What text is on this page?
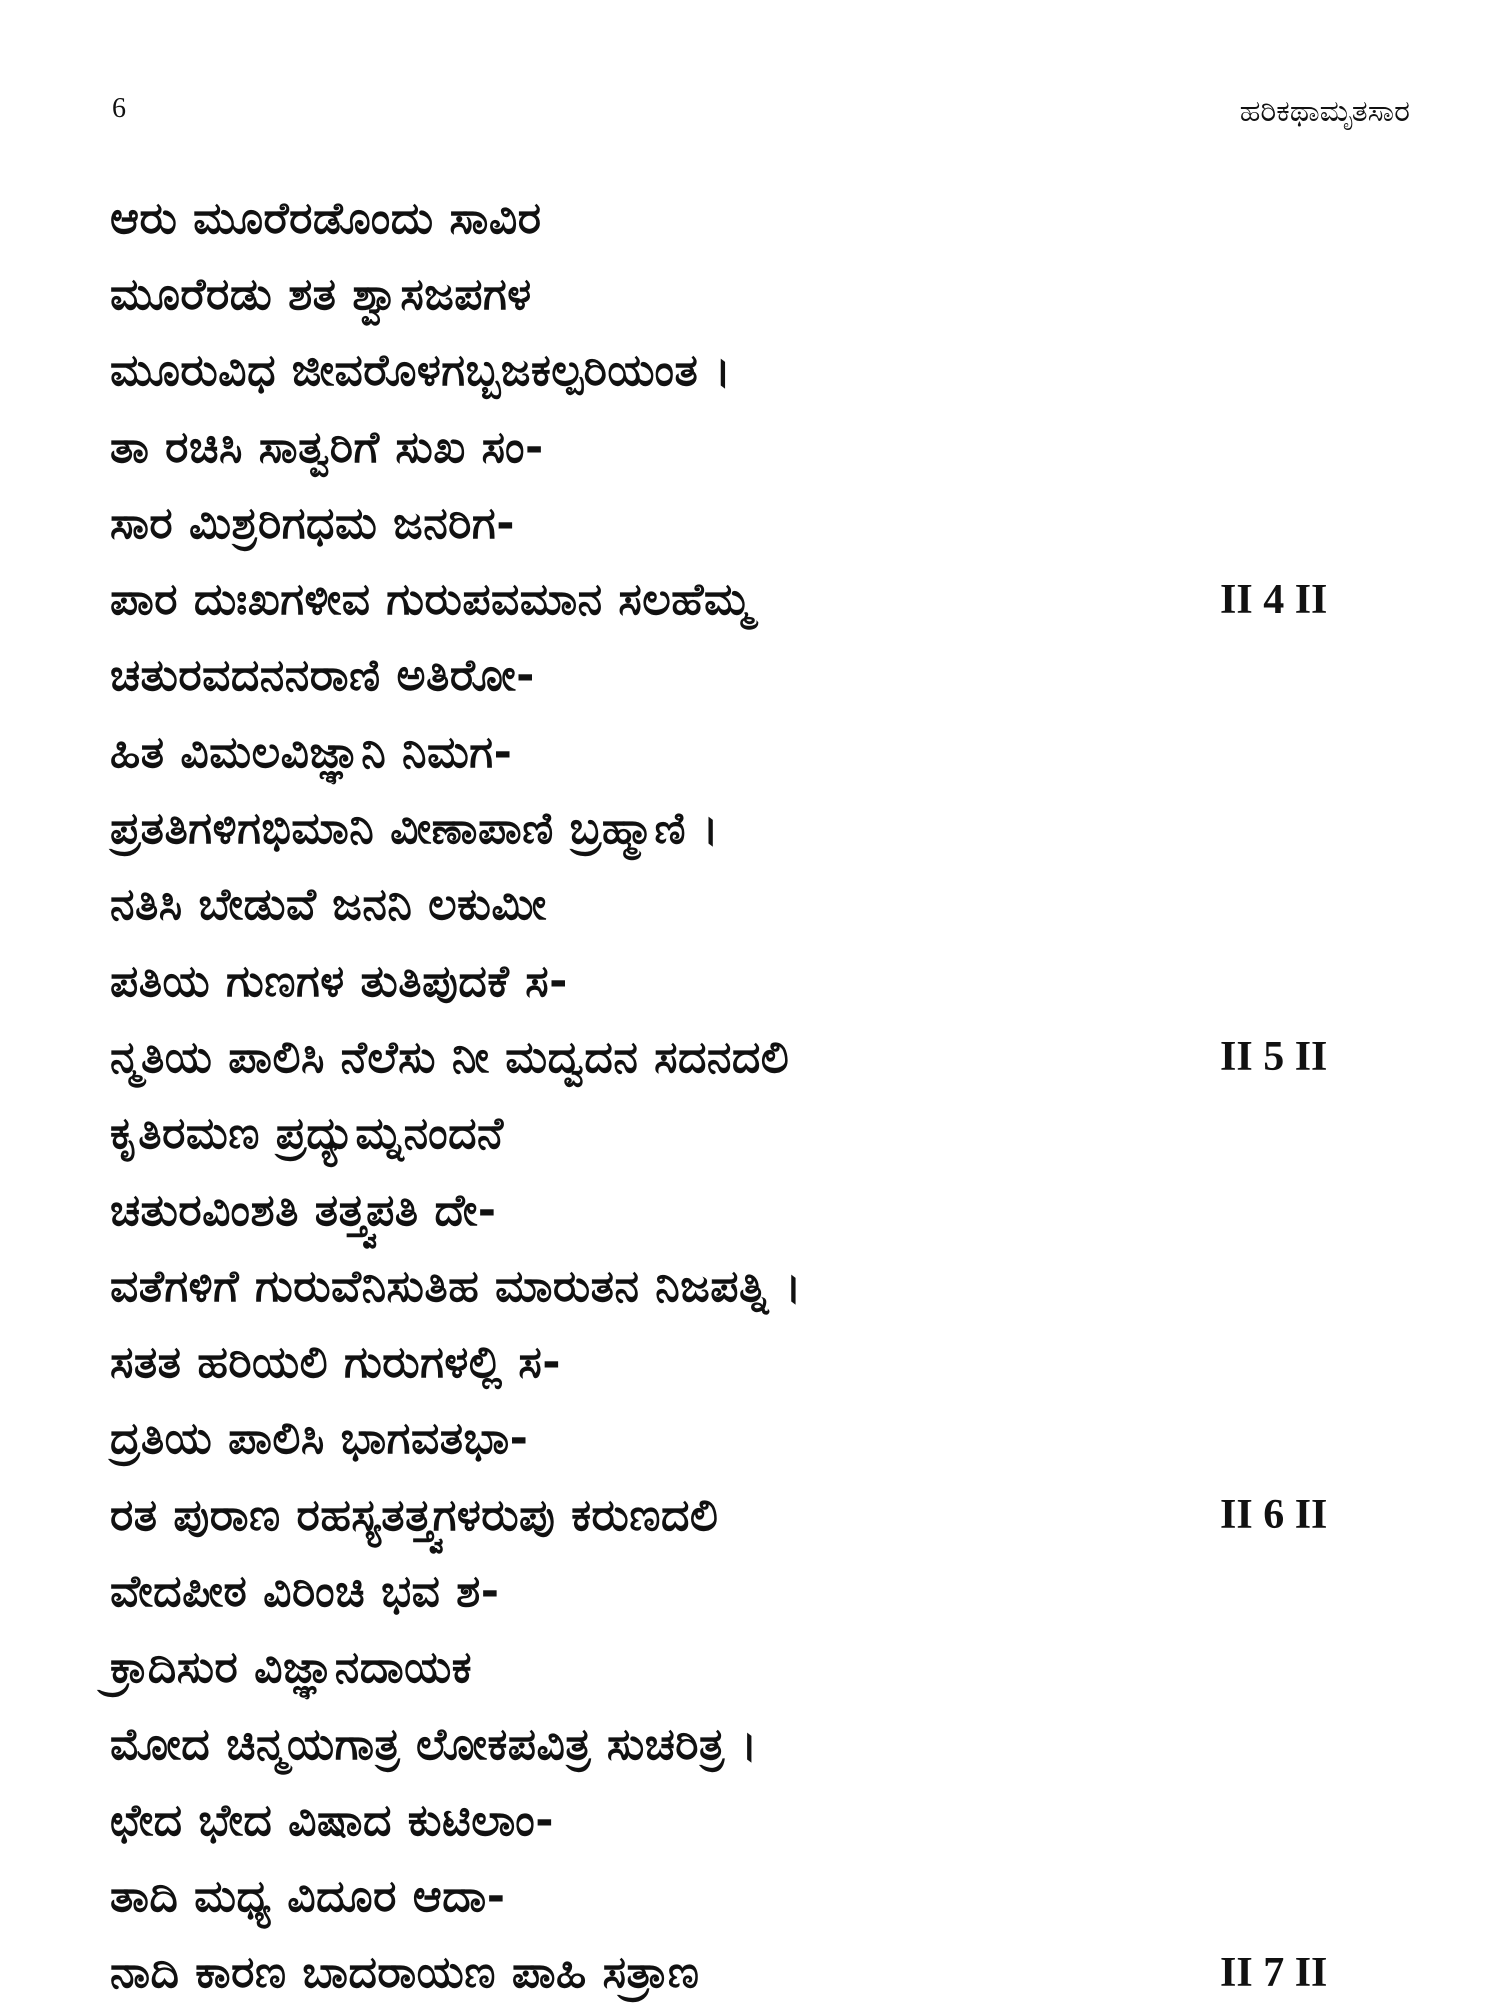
6	ಹರಿಕಥಾಮೃತಸಾರ
ಆರು ಮೂರೆರಡೊಂದು ಸಾವಿರ
ಮೂರೆರಡು ಶತ ಶ್ವಾಸಜಪಗಳ
ಮೂರುವಿಧ ಜೀವರೊಳಗಬ್ಬಜಕಲ್ಪರಿಯಂತ ।
ತಾ ರಚಿಸಿ ಸಾತ್ವರಿಗೆ ಸುಖ ಸಂ-
ಸಾರ ಮಿಶ್ರರಿಗಧಮ ಜನರಿಗ-
ಪಾರ ದುಃಖಗಳೀವ ಗುರುಪವಮಾನ ಸಲಹೆಮ್ಮ	II 4 II
ಚತುರವದನನರಾಣಿ ಅತಿರೋ-
ಹಿತ ವಿಮಲವಿಜ್ಞಾನಿ ನಿಮಗ-
ಪ್ರತತಿಗಳಿಗಭಿಮಾನಿ ವೀಣಾಪಾಣಿ ಬ್ರಹ್ಮಾಣಿ ।
ನತಿಸಿ ಬೇಡುವೆ ಜನನಿ ಲಕುಮೀ
ಪತಿಯ ಗುಣಗಳ ತುತಿಪುದಕೆ ಸ-
ನ್ಮತಿಯ ಪಾಲಿಸಿ ನೆಲೆಸು ನೀ ಮದ್ವದನ ಸದನದಲಿ	II 5 II
ಕೃತಿರಮಣ ಪ್ರದ್ಯುಮ್ನನಂದನೆ
ಚತುರವಿಂಶತಿ ತತ್ತ್ವಪತಿ ದೇ-
ವತೆಗಳಿಗೆ ಗುರುವೆನಿಸುತಿಹ ಮಾರುತನ ನಿಜಪತ್ನಿ ।
ಸತತ ಹರಿಯಲಿ ಗುರುಗಳಲ್ಲಿ ಸ-
ದ್ರತಿಯ ಪಾಲಿಸಿ ಭಾಗವತಭಾ-
ರತ ಪುರಾಣ ರಹಸ್ಯತತ್ತ್ವಗಳರುಪು ಕರುಣದಲಿ	II 6 II
ವೇದಪೀಠ ವಿರಿಂಚಿ ಭವ ಶ-
ಕ್ರಾದಿಸುರ ವಿಜ್ಞಾನದಾಯಕ
ಮೋದ ಚಿನ್ಮಯಗಾತ್ರ ಲೋಕಪವಿತ್ರ ಸುಚರಿತ್ರ ।
ಛೇದ ಭೇದ ವಿಷಾದ ಕುಟಿಲಾಂ-
ತಾದಿ ಮಧ್ಯ ವಿದೂರ ಆದಾ-
ನಾದಿ ಕಾರಣ ಬಾದರಾಯಣ ಪಾಹಿ ಸತ್ರಾಣ	II 7 II
